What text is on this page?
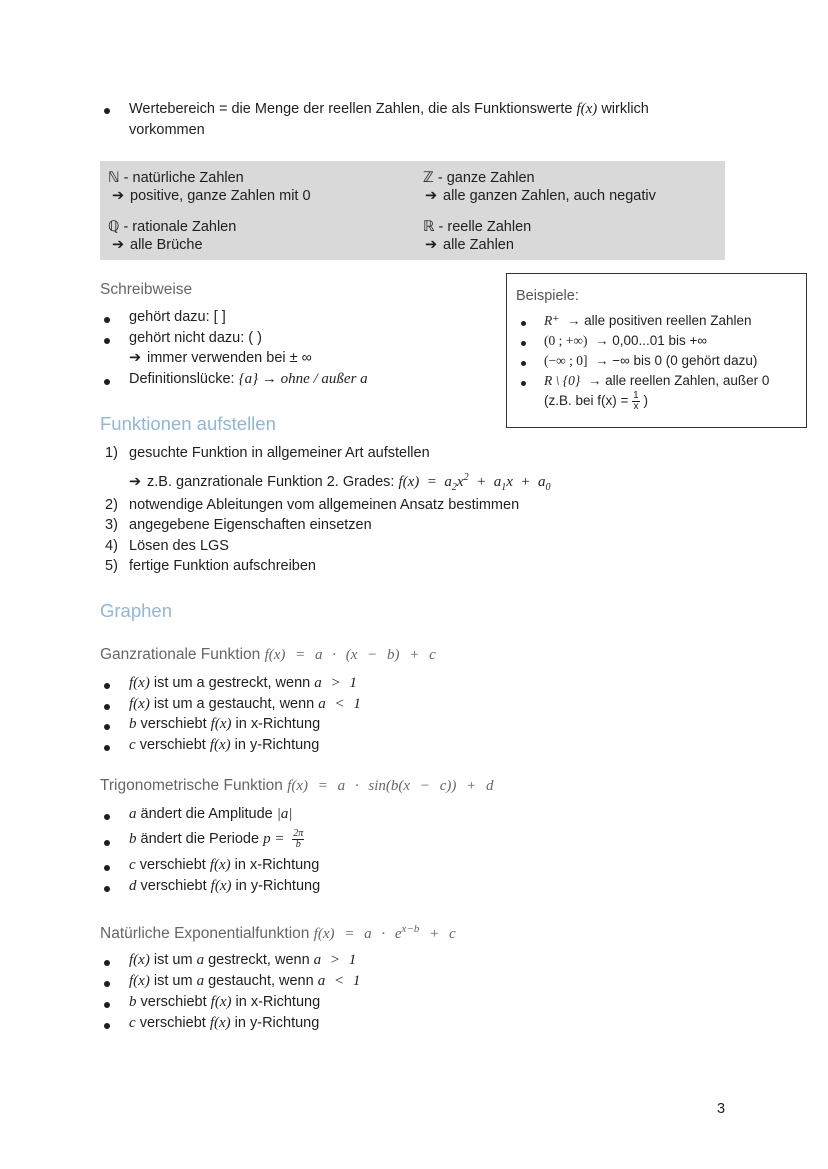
Wertebereich = die Menge der reellen Zahlen, die als Funktionswerte f(x) wirklich
vorkommen
ℕ - natürliche Zahlen
➔ positive, ganze Zahlen mit 0
ℤ - ganze Zahlen
➔ alle ganzen Zahlen, auch negativ
ℚ - rationale Zahlen
➔ alle Brüche
ℝ - reelle Zahlen
➔ alle Zahlen
Schreibweise
gehört dazu: [ ]
gehört nicht dazu: ( )
➔ immer verwenden bei ± ∞
Definitionslücke: {a} → ohne / außer a
Beispiele:
R⁺ → alle positiven reellen Zahlen
(0 ; +∞) → 0,00...01 bis +∞
(−∞ ; 0] → −∞ bis 0 (0 gehört dazu)
R \ {0} → alle reellen Zahlen, außer 0
(z.B. bei $f(x) = \frac{1}{x}$ )
Funktionen aufstellen
1) gesuchte Funktion in allgemeiner Art aufstellen
➔ z.B. ganzrationale Funktion 2. Grades: $f(x) = a_2x^2 + a_1x + a_0$
2) notwendige Ableitungen vom allgemeinen Ansatz bestimmen
3) angegebene Eigenschaften einsetzen
4) Lösen des LGS
5) fertige Funktion aufschreiben
Graphen
Ganzrationale Funktion f(x) = a · (x − b) + c
f(x) ist um a gestreckt, wenn a > 1
f(x) ist um a gestaucht, wenn a < 1
b verschiebt f(x) in x-Richtung
c verschiebt f(x) in y-Richtung
Trigonometrische Funktion f(x) = a · sin(b(x − c)) + d
a ändert die Amplitude |a|
b ändert die Periode $p = \frac{2\pi}{b}$
c verschiebt f(x) in x-Richtung
d verschiebt f(x) in y-Richtung
Natürliche Exponentialfunktion $f(x) = a \cdot e^{x-b} + c$
f(x) ist um a gestreckt, wenn a > 1
f(x) ist um a gestaucht, wenn a < 1
b verschiebt f(x) in x-Richtung
c verschiebt f(x) in y-Richtung
3
